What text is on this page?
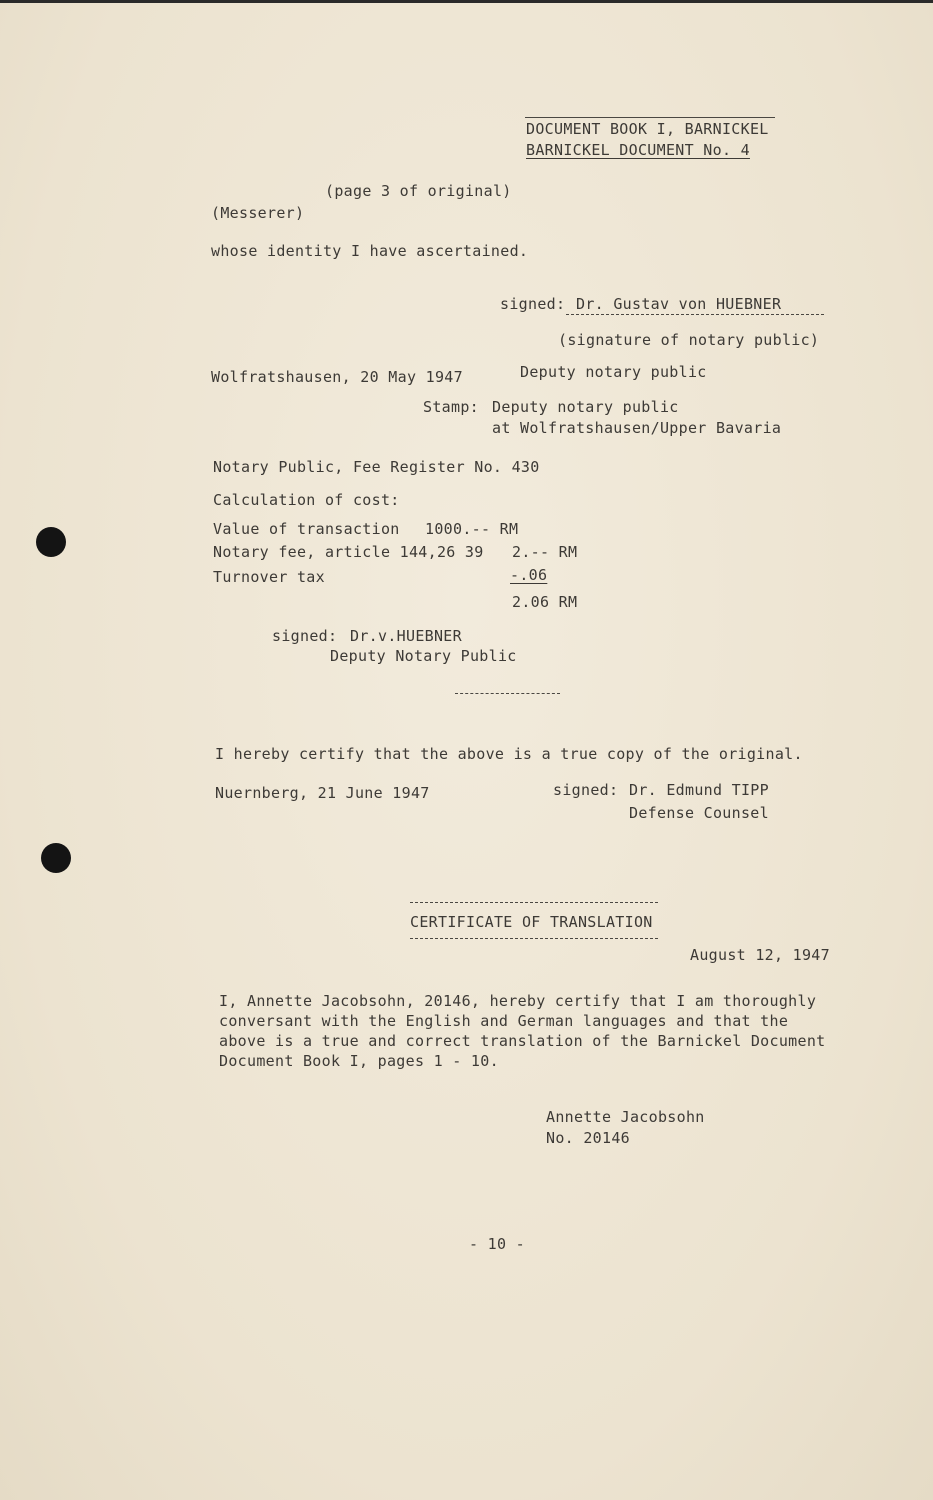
DOCUMENT BOOK I, BARNICKEL
BARNICKEL DOCUMENT No. 4
(page 3 of original)
(Messerer)
whose identity I have ascertained.
signed: Dr. Gustav von HUEBNER
(signature of notary public)
Wolfratshausen, 20 May 1947	Deputy notary public
Stamp: Deputy notary public
at Wolfratshausen/Upper Bavaria
Notary Public, Fee Register No. 430
Calculation of cost:
Value of transaction 1000.-- RM
Notary fee, article 144,26 39 2.-- RM
Turnover tax	-.06
2.06 RM
signed: Dr.v.HUEBNER
Deputy Notary Public
I hereby certify that the above is a true copy of the original.
Nuernberg, 21 June 1947	signed: Dr. Edmund TIPP
Defense Counsel
CERTIFICATE OF TRANSLATION
August 12, 1947
I, Annette Jacobsohn, 20146, hereby certify that I am thoroughly
conversant with the English and German languages and that the
above is a true and correct translation of the Barnickel Document
Document Book I, pages 1 - 10.
Annette Jacobsohn
No. 20146
- 10 -
